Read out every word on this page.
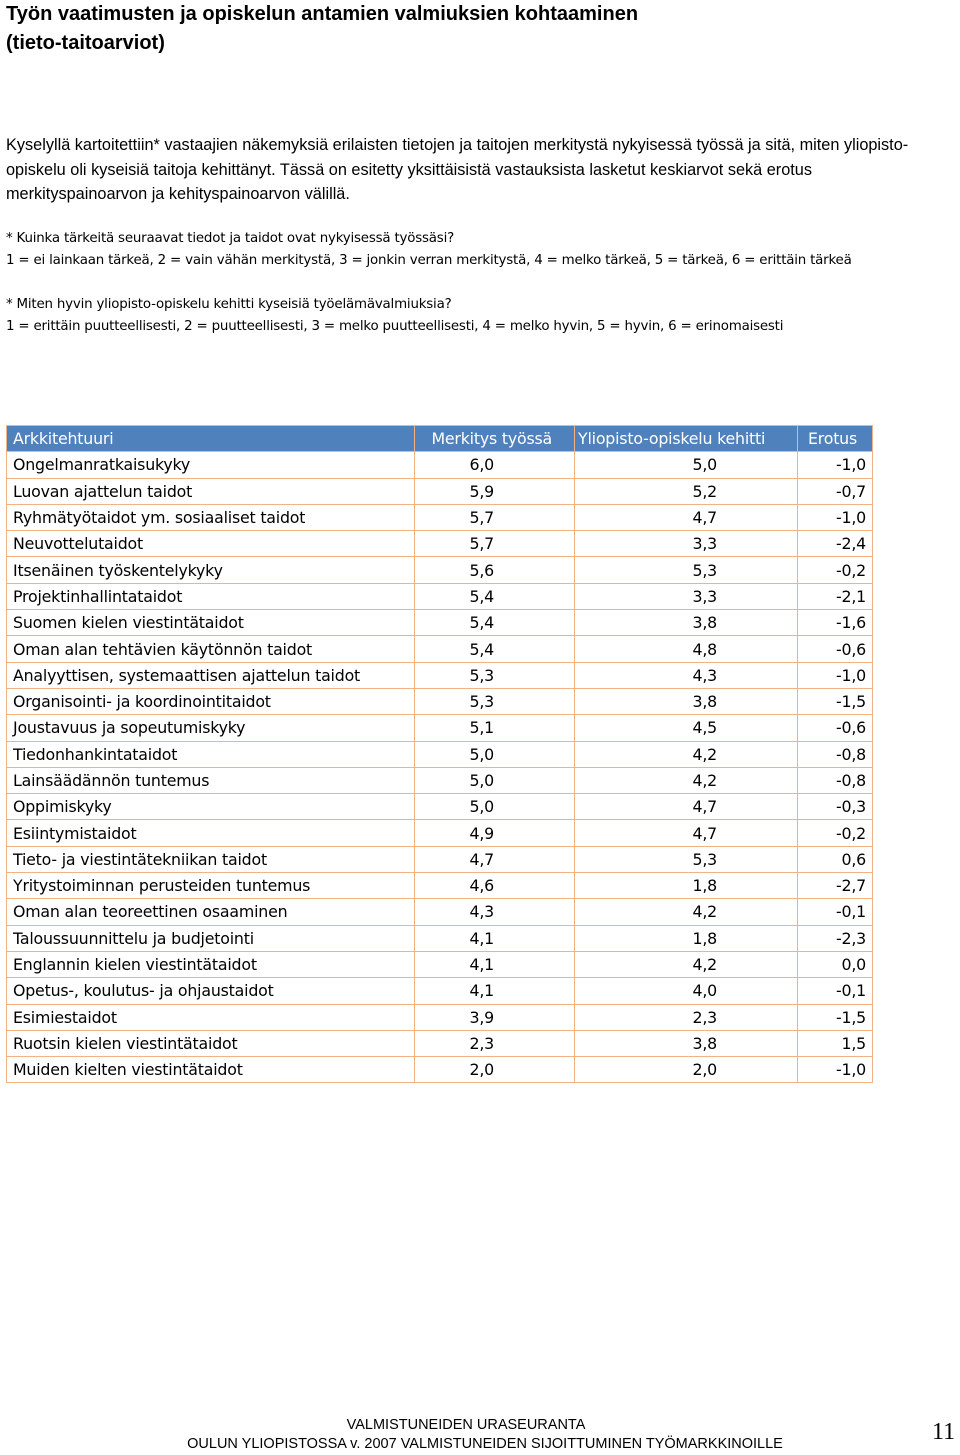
Työn vaatimusten ja opiskelun antamien valmiuksien kohtaaminen
(tieto-taitoarviot)
Kyselyllä kartoitettiin* vastaajien näkemyksiä erilaisten tietojen ja taitojen merkitystä nykyisessä työssä ja sitä, miten yliopisto-opiskelu oli kyseisiä taitoja kehittänyt. Tässä on esitetty yksittäisistä vastauksista lasketut keskiarvot sekä erotus merkityspainoarvon ja kehityspainoarvon välillä.
* Kuinka tärkeitä seuraavat tiedot ja taidot ovat nykyisessä työssäsi?
1 = ei lainkaan tärkeä, 2 = vain vähän merkitystä, 3 = jonkin verran merkitystä, 4 = melko tärkeä, 5 = tärkeä, 6 = erittäin tärkeä
* Miten hyvin yliopisto-opiskelu kehitti kyseisiä työelämävalmiuksia?
1 = erittäin puutteellisesti, 2 = puutteellisesti, 3 = melko puutteellisesti, 4 = melko hyvin, 5 = hyvin, 6 = erinomaisesti
Arkkitehtuuri	Merkitys työssä	Yliopisto-opiskelu kehitti	Erotus
Ongelmanratkaisukyky	6,0	5,0	-1,0
Luovan ajattelun taidot	5,9	5,2	-0,7
Ryhmätyötaidot ym. sosiaaliset taidot	5,7	4,7	-1,0
Neuvottelutaidot	5,7	3,3	-2,4
Itsenäinen työskentelykyky	5,6	5,3	-0,2
Projektinhallintataidot	5,4	3,3	-2,1
Suomen kielen viestintätaidot	5,4	3,8	-1,6
Oman alan tehtävien käytönnön taidot	5,4	4,8	-0,6
Analyyttisen, systemaattisen ajattelun taidot	5,3	4,3	-1,0
Organisointi- ja koordinointitaidot	5,3	3,8	-1,5
Joustavuus ja sopeutumiskyky	5,1	4,5	-0,6
Tiedonhankintataidot	5,0	4,2	-0,8
Lainsäädännön tuntemus	5,0	4,2	-0,8
Oppimiskyky	5,0	4,7	-0,3
Esiintymistaidot	4,9	4,7	-0,2
Tieto- ja viestintätekniikan taidot	4,7	5,3	0,6
Yritystoiminnan perusteiden tuntemus	4,6	1,8	-2,7
Oman alan teoreettinen osaaminen	4,3	4,2	-0,1
Taloussuunnittelu ja budjetointi	4,1	1,8	-2,3
Englannin kielen viestintätaidot	4,1	4,2	0,0
Opetus-, koulutus- ja ohjaustaidot	4,1	4,0	-0,1
Esimiestaidot	3,9	2,3	-1,5
Ruotsin kielen viestintätaidot	2,3	3,8	1,5
Muiden kielten viestintätaidot	2,0	2,0	-1,0
VALMISTUNEIDEN URASEURANTA
OULUN YLIOPISTOSSA v. 2007 VALMISTUNEIDEN SIJOITTUMINEN TYÖMARKKINOILLE	11
